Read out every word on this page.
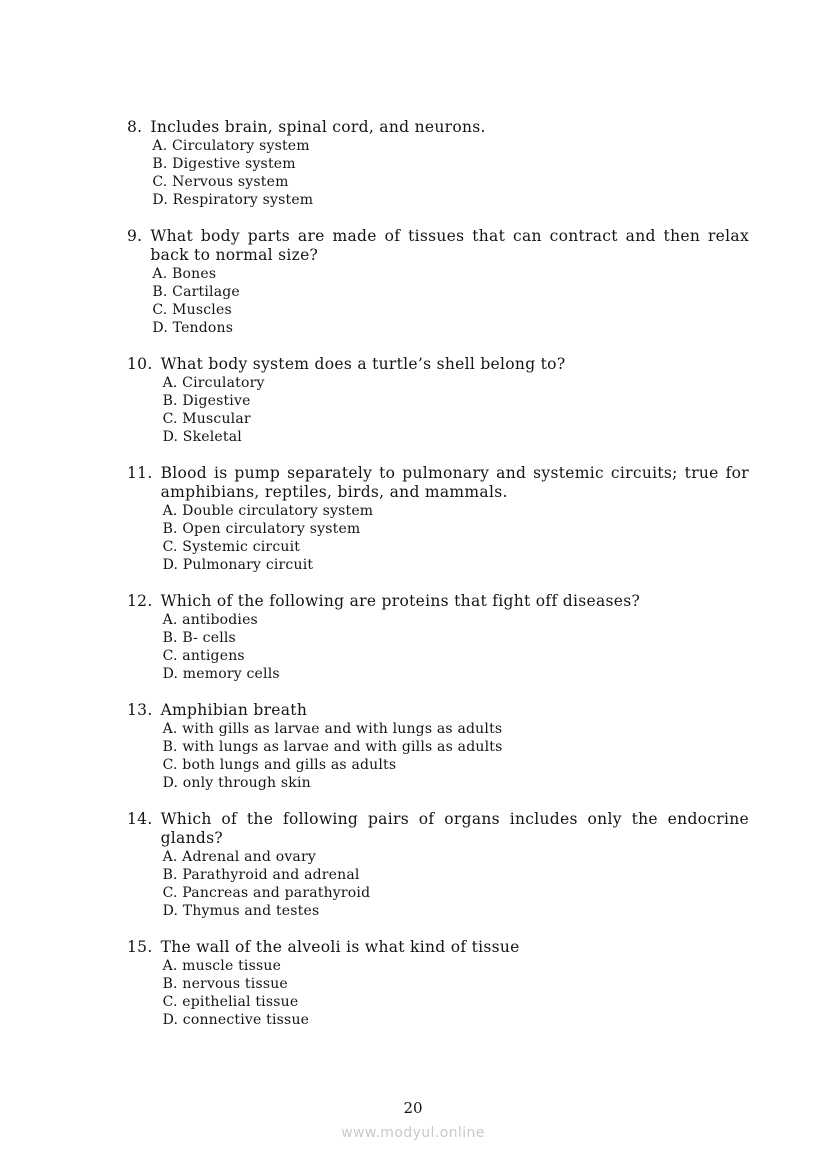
8. Includes brain, spinal cord, and neurons.
A. Circulatory system
B. Digestive system
C. Nervous system
D. Respiratory system
9. What body parts are made of tissues that can contract and then relax back to normal size?
A. Bones
B. Cartilage
C. Muscles
D. Tendons
10. What body system does a turtle’s shell belong to?
A. Circulatory
B. Digestive
C. Muscular
D. Skeletal
11. Blood is pump separately to pulmonary and systemic circuits; true for amphibians, reptiles, birds, and mammals.
A. Double circulatory system
B. Open circulatory system
C. Systemic circuit
D. Pulmonary circuit
12. Which of the following are proteins that fight off diseases?
A. antibodies
B. B- cells
C. antigens
D. memory cells
13. Amphibian breath
A. with gills as larvae and with lungs as adults
B. with lungs as larvae and with gills as adults
C. both lungs and gills as adults
D. only through skin
14. Which of the following pairs of organs includes only the endocrine glands?
A. Adrenal and ovary
B. Parathyroid and adrenal
C. Pancreas and parathyroid
D. Thymus and testes
15. The wall of the alveoli is what kind of tissue
A. muscle tissue
B. nervous tissue
C. epithelial tissue
D. connective tissue
20
www.modyul.online
